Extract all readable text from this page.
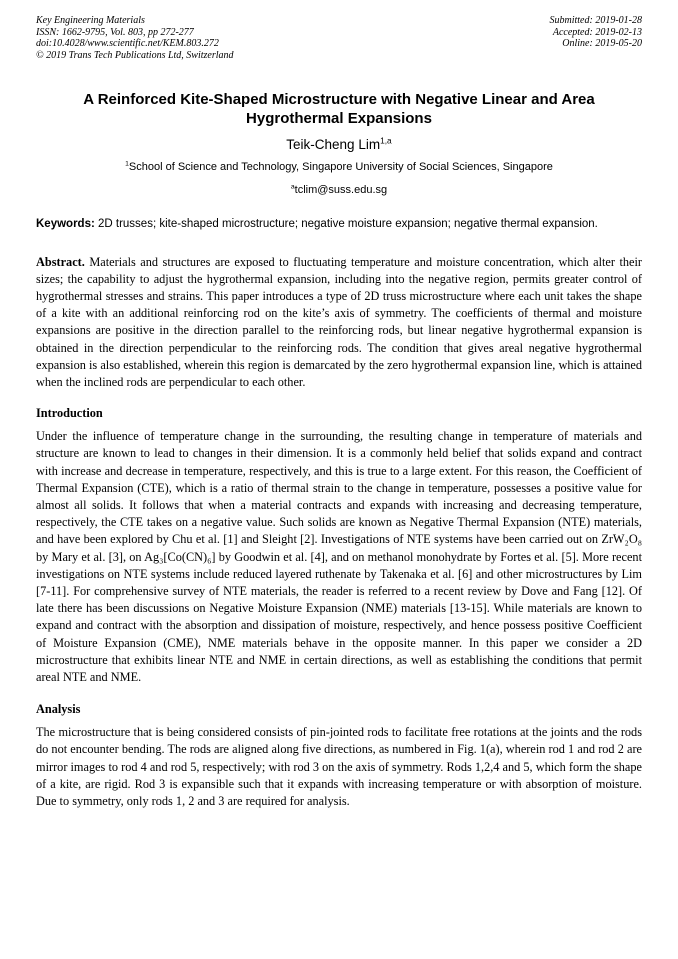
Key Engineering Materials
ISSN: 1662-9795, Vol. 803, pp 272-277
doi:10.4028/www.scientific.net/KEM.803.272
© 2019 Trans Tech Publications Ltd, Switzerland
Submitted: 2019-01-28
Accepted: 2019-02-13
Online: 2019-05-20
A Reinforced Kite-Shaped Microstructure with Negative Linear and Area Hygrothermal Expansions
Teik-Cheng Lim$^{1,a}$
$^1$School of Science and Technology, Singapore University of Social Sciences, Singapore
$^a$tclim@suss.edu.sg

Keywords: 2D trusses; kite-shaped microstructure; negative moisture expansion; negative thermal expansion.

Abstract. Materials and structures are exposed to fluctuating temperature and moisture concentration, which alter their sizes; the capability to adjust the hygrothermal expansion, including into the negative region, permits greater control of hygrothermal stresses and strains. This paper introduces a type of 2D truss microstructure where each unit takes the shape of a kite with an additional reinforcing rod on the kite’s axis of symmetry. The coefficients of thermal and moisture expansions are positive in the direction parallel to the reinforcing rods, but linear negative hygrothermal expansion is obtained in the direction perpendicular to the reinforcing rods. The condition that gives areal negative hygrothermal expansion is also established, wherein this region is demarcated by the zero hygrothermal expansion line, which is attained when the inclined rods are perpendicular to each other.

Introduction

Under the influence of temperature change in the surrounding, the resulting change in temperature of materials and structure are known to lead to changes in their dimension. It is a commonly held belief that solids expand and contract with increase and decrease in temperature, respectively, and this is true to a large extent. For this reason, the Coefficient of Thermal Expansion (CTE), which is a ratio of thermal strain to the change in temperature, possesses a positive value for almost all solids. It follows that when a material contracts and expands with increasing and decreasing temperature, respectively, the CTE takes on a negative value. Such solids are known as Negative Thermal Expansion (NTE) materials, and have been explored by Chu et al. [1] and Sleight [2]. Investigations of NTE systems have been carried out on ZrW₂O₈ by Mary et al. [3], on Ag₃[Co(CN)₆] by Goodwin et al. [4], and on methanol monohydrate by Fortes et al. [5]. More recent investigations on NTE systems include reduced layered ruthenate by Takenaka et al. [6] and other microstructures by Lim [7-11]. For comprehensive survey of NTE materials, the reader is referred to a recent review by Dove and Fang [12]. Of late there has been discussions on Negative Moisture Expansion (NME) materials [13-15]. While materials are known to expand and contract with the absorption and dissipation of moisture, respectively, and hence possess positive Coefficient of Moisture Expansion (CME), NME materials behave in the opposite manner. In this paper we consider a 2D microstructure that exhibits linear NTE and NME in certain directions, as well as establishing the conditions that permit areal NTE and NME.

Analysis

The microstructure that is being considered consists of pin-jointed rods to facilitate free rotations at the joints and the rods do not encounter bending. The rods are aligned along five directions, as numbered in Fig. 1(a), wherein rod 1 and rod 2 are mirror images to rod 4 and rod 5, respectively; with rod 3 on the axis of symmetry. Rods 1,2,4 and 5, which form the shape of a kite, are rigid. Rod 3 is expansible such that it expands with increasing temperature or with absorption of moisture. Due to symmetry, only rods 1, 2 and 3 are required for analysis.
